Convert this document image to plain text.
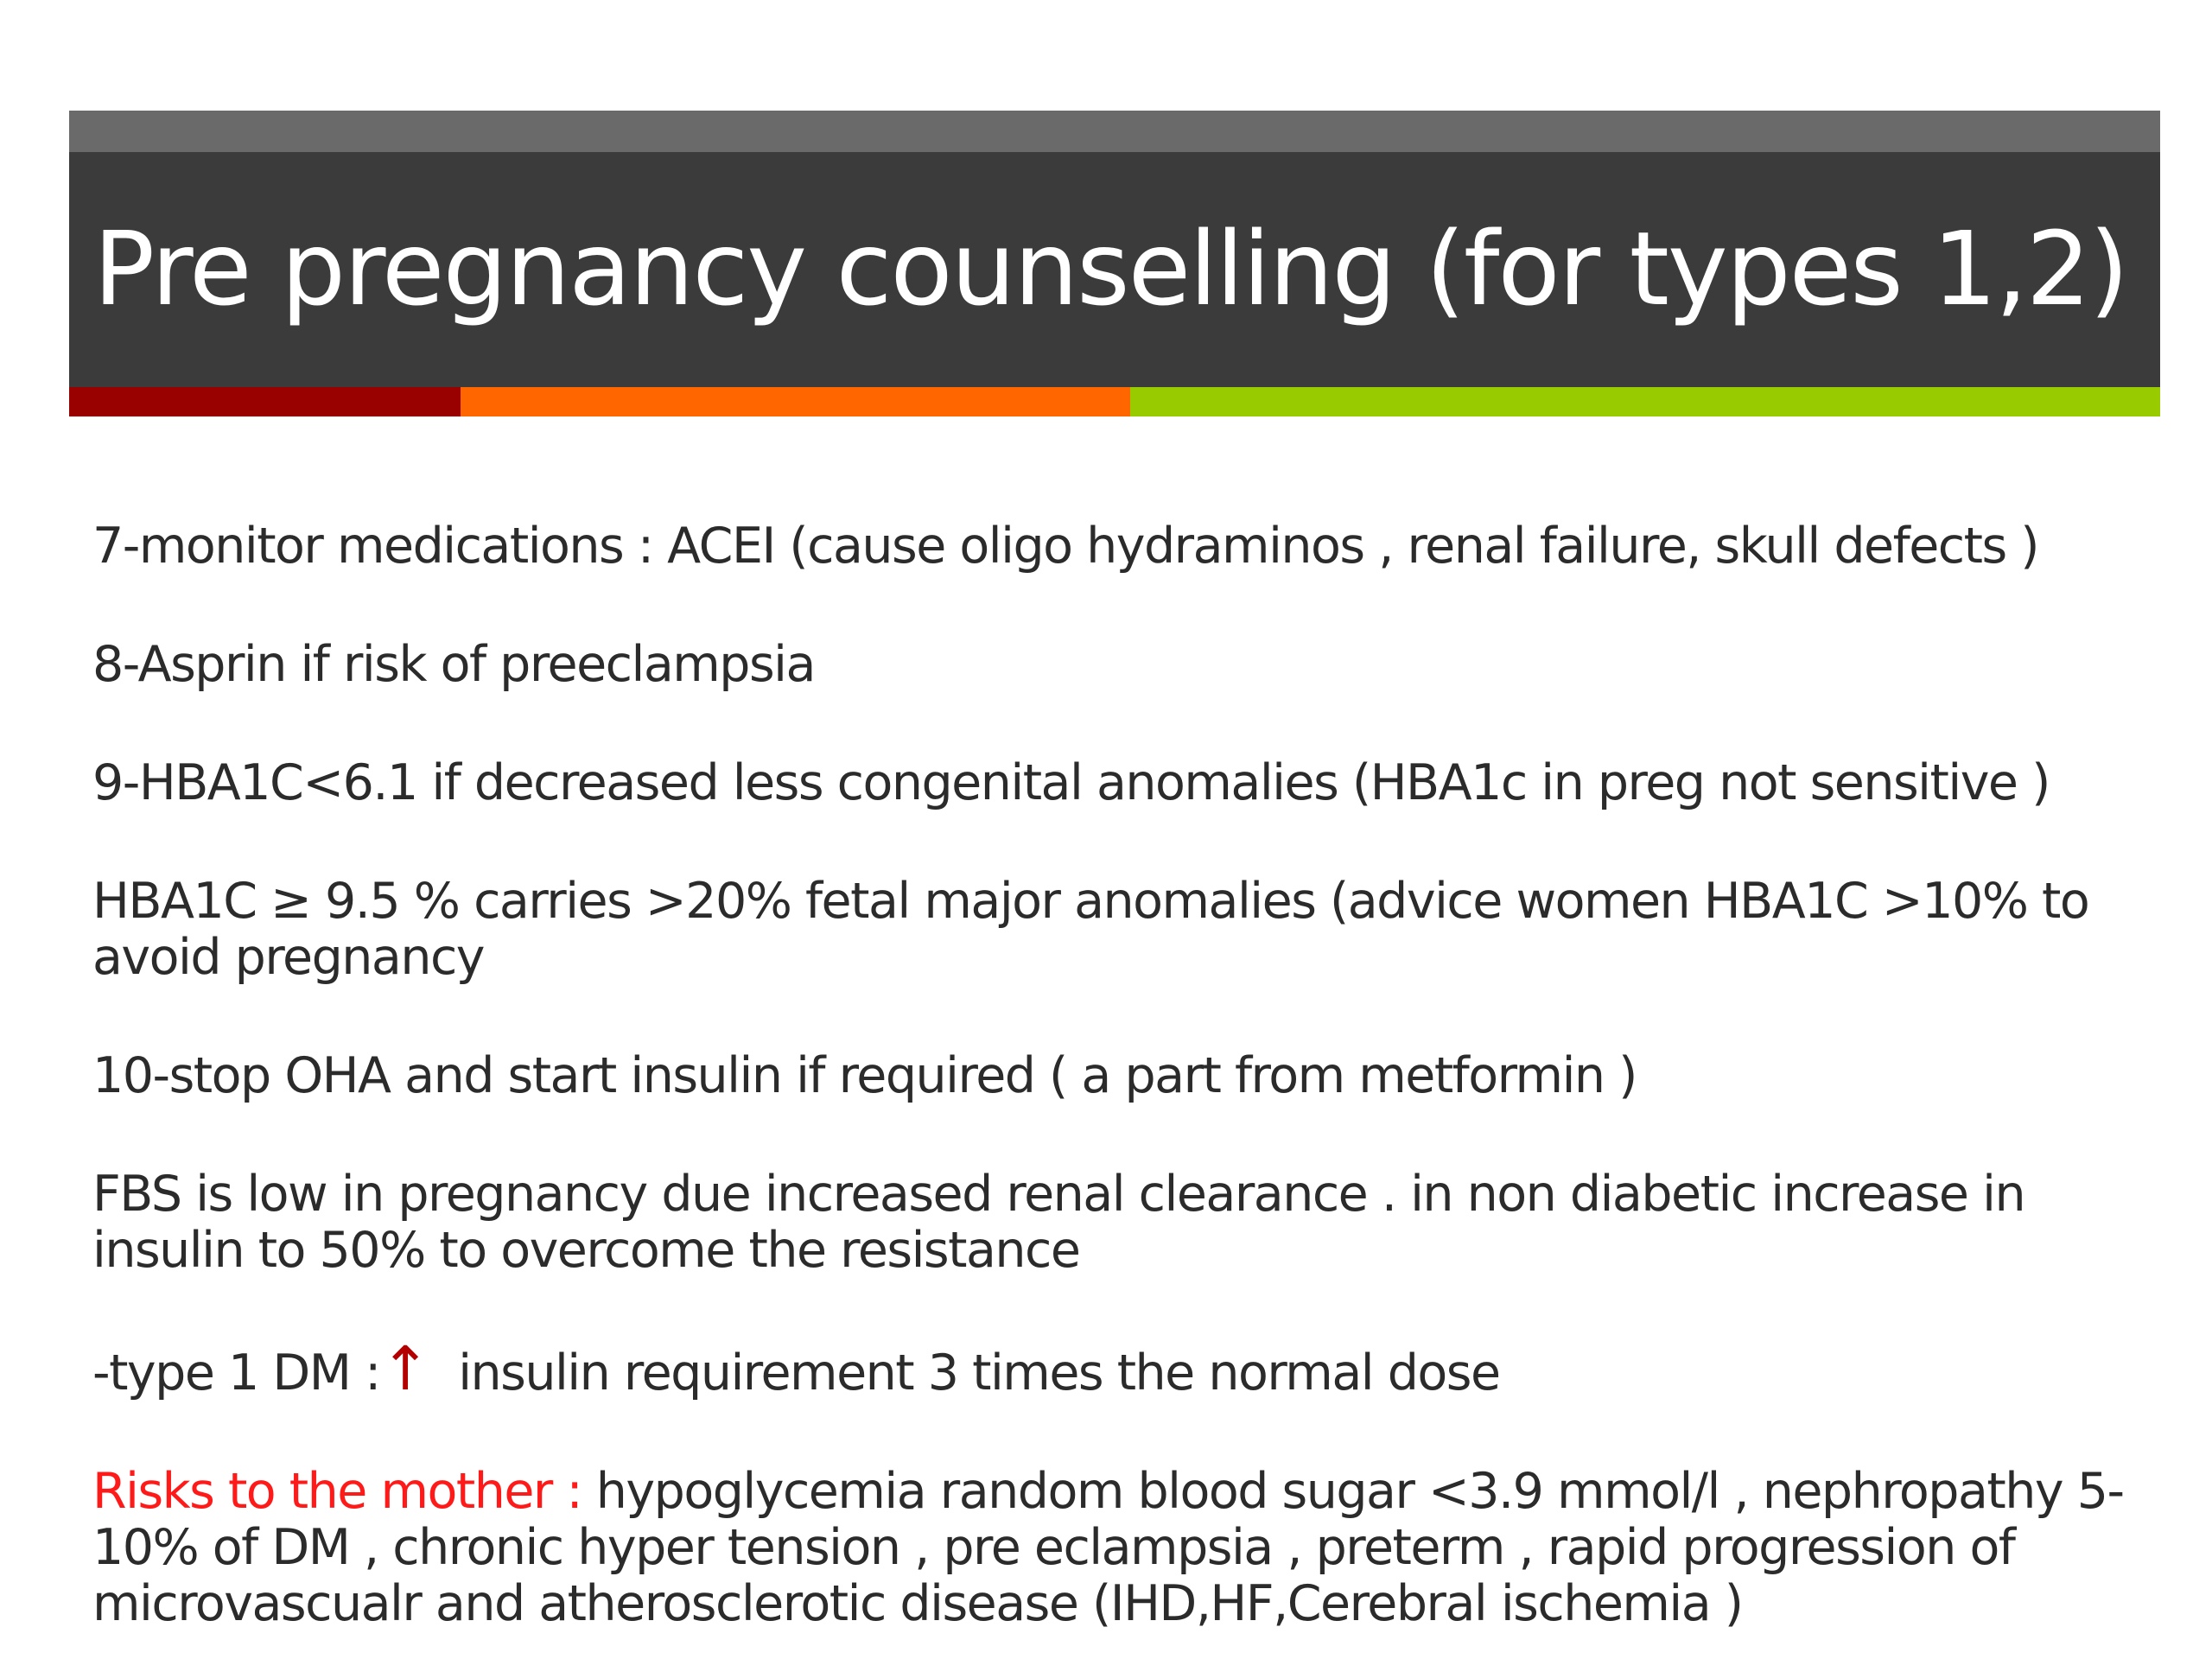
Pre pregnancy counselling (for types 1,2)

7-monitor medications : ACEI (cause oligo hydraminos , renal failure, skull defects )

8-Asprin if risk of preeclampsia

9-HBA1C<6.1 if decreased less congenital anomalies (HBA1c in preg not sensitive )

HBA1C ≥ 9.5 % carries >20% fetal major anomalies (advice women HBA1C >10% to avoid pregnancy

10-stop OHA and start insulin if required ( a part from metformin )

FBS is low in pregnancy due increased renal clearance . in non diabetic increase in insulin to 50% to overcome the resistance

-type 1 DM :↑  insulin requirement 3 times the normal dose

Risks to the mother : hypoglycemia random blood sugar <3.9 mmol/l , nephropathy 5-10% of DM , chronic hyper tension , pre eclampsia , preterm , rapid progression of microvascualr and atherosclerotic disease (IHD,HF,Cerebral ischemia )
